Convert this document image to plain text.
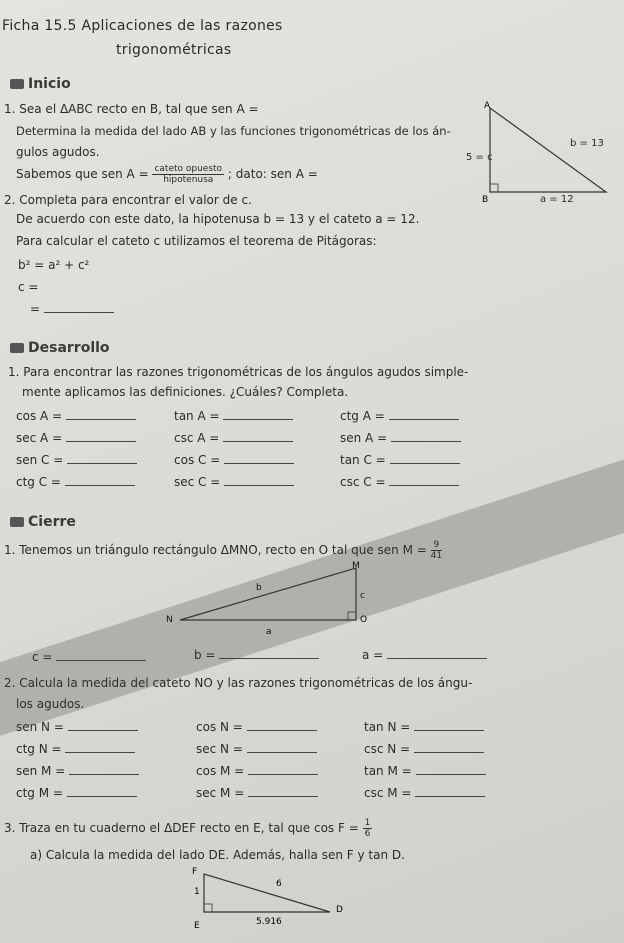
Ficha 15.5 Aplicaciones de las razones
trigonométricas
Inicio
1. Sea el ΔABC recto en B, tal que sen A =
Determina la medida del lado AB y las funciones trigonométricas de los án-
gulos agudos.
Sabemos que sen $A = \frac{\text{cateto opuesto}}{\text{hipotenusa}}$ ; dato: sen A =
2. Completa para encontrar el valor de c.
De acuerdo con este dato, la hipotenusa b = 13 y el cateto a = 12.
Para calcular el cateto c utilizamos el teorema de Pitágoras:
b² = a² + c²
c =
=
A
B
b = 13
5 = c
a = 12
Desarrollo
1. Para encontrar las razones trigonométricas de los ángulos agudos simple-
mente aplicamos las definiciones. ¿Cuáles? Completa.
cos A =	tan A =	ctg A =
sec A =	csc A =	sen A =
sen C =	cos C =	tan C =
ctg C =	sec C =	csc C =
Cierre
1. Tenemos un triángulo rectángulo ΔMNO, recto en O tal que sen $M = \frac{9}{41}$
M
N	O
b
c
a
c =	b =	a =
2. Calcula la medida del cateto NO y las razones trigonométricas de los ángu-
los agudos.
sen N =	cos N =	tan N =
ctg N =	sec N =	csc N =
sen M =	cos M =	tan M =
ctg M =	sec M =	csc M =
3. Traza en tu cuaderno el ΔDEF recto en E, tal que $\cos F = \frac{1}{6}$
a) Calcula la medida del lado DE. Además, halla sen F y tan D.
F
E
D
6
1
5.916
